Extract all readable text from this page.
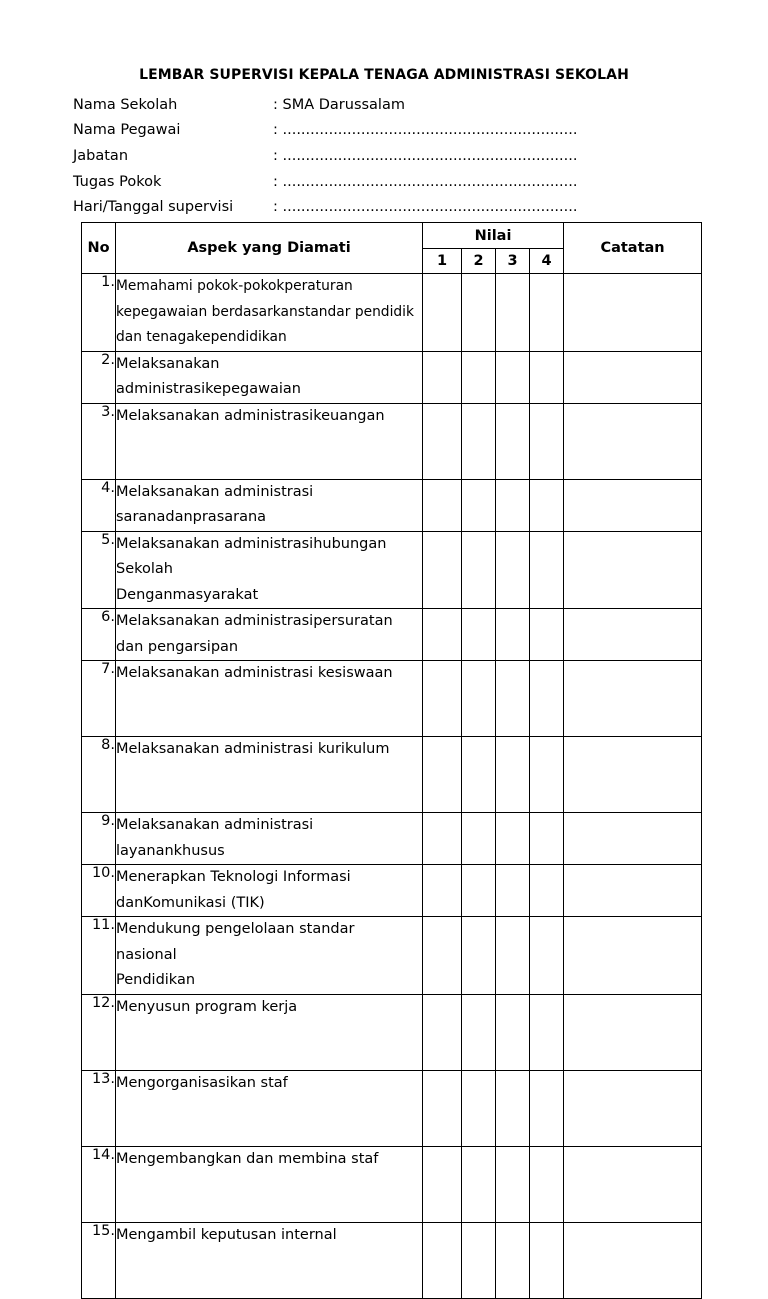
LEMBAR SUPERVISI KEPALA TENAGA ADMINISTRASI SEKOLAH
Nama Sekolah	: SMA Darussalam
Nama Pegawai	: ................................................................
Jabatan	: ................................................................
Tugas Pokok	: ................................................................
Hari/Tanggal supervisi	: ................................................................
No	Aspek yang Diamati	Nilai				Catatan
		1	2	3	4	
1.	Memahami pokok-pokokperaturan
kepegawaian berdasarkanstandar pendidik
dan tenagakependidikan					

2.	Melaksanakan
administrasikepegawaian					

3.	Melaksanakan administrasikeuangan					

4.	Melaksanakan administrasi
saranadanprasarana					

5.	Melaksanakan administrasihubungan
Sekolah
Denganmasyarakat					

6.	Melaksanakan administrasipersuratan
dan pengarsipan					

7.	Melaksanakan administrasi kesiswaan					

8.	Melaksanakan administrasi kurikulum					

9.	Melaksanakan administrasi
layanankhusus					

10.	Menerapkan Teknologi Informasi
danKomunikasi (TIK)					

11.	Mendukung pengelolaan standar
nasional
Pendidikan					

12.	Menyusun program kerja					

13.	Mengorganisasikan staf					

14.	Mengembangkan dan membina staf					

15.	Mengambil keputusan internal					
